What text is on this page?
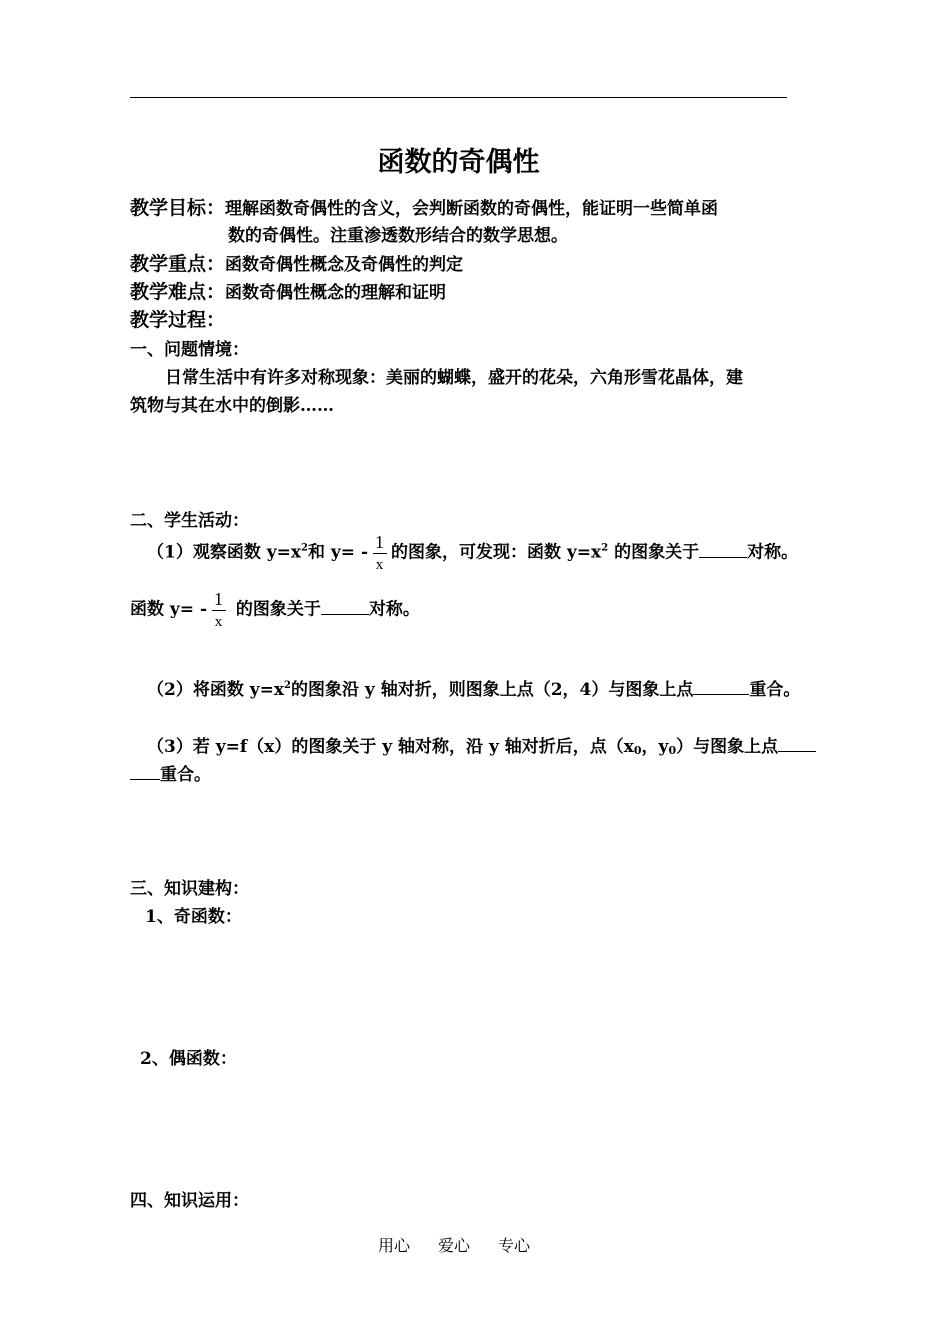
函数的奇偶性
教学目标：理解函数奇偶性的含义，会判断函数的奇偶性，能证明一些简单函
数的奇偶性。注重渗透数形结合的数学思想。
教学重点：函数奇偶性概念及奇偶性的判定
教学难点：函数奇偶性概念的理解和证明
教学过程：
一、问题情境：
日常生活中有许多对称现象：美丽的蝴蝶，盛开的花朵，六角形雪花晶体，建
筑物与其在水中的倒影……
二、学生活动：
（1）观察函数 $y=x^2$和 $y= - \frac{1}{x}$ 的图象，可发现：函数 $y=x^2$ 的图象关于	对称。
函数 $y= - \frac{1}{x}$ 的图象关于	对称。
（2）将函数 $y=x^2$的图象沿 y 轴对折，则图象上点（2，4）与图象上点	重合。
（3）若 y=f（x）的图象关于 y 轴对称，沿 y 轴对折后，点（$x_0$，$y_0$）与图象上点
重合。
三、知识建构：
1、奇函数：
2、偶函数：
四、知识运用：
用心 爱心 专心
